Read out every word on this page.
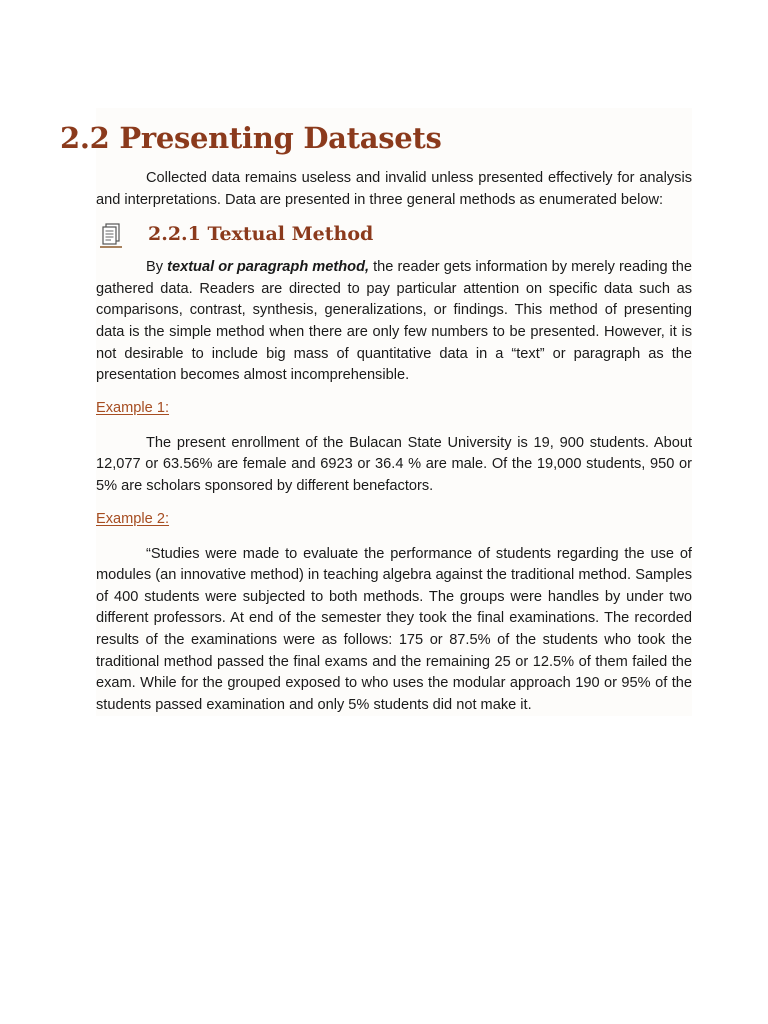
2.2 Presenting Datasets

Collected data remains useless and invalid unless presented effectively for analysis and interpretations. Data are presented in three general methods as enumerated below:

2.2.1 Textual Method

By textual or paragraph method, the reader gets information by merely reading the gathered data. Readers are directed to pay particular attention on specific data such as comparisons, contrast, synthesis, generalizations, or findings. This method of presenting data is the simple method when there are only few numbers to be presented. However, it is not desirable to include big mass of quantitative data in a “text” or paragraph as the presentation becomes almost incomprehensible.

Example 1:

The present enrollment of the Bulacan State University is 19, 900 students. About 12,077 or 63.56% are female and 6923 or 36.4 % are male. Of the 19,000 students, 950 or 5% are scholars sponsored by different benefactors.

Example 2:

“Studies were made to evaluate the performance of students regarding the use of modules (an innovative method) in teaching algebra against the traditional method. Samples of 400 students were subjected to both methods. The groups were handles by under two different professors. At end of the semester they took the final examinations. The recorded results of the examinations were as follows: 175 or 87.5% of the students who took the traditional method passed the final exams and the remaining 25 or 12.5% of them failed the exam. While for the grouped exposed to who uses the modular approach 190 or 95% of the students passed examination and only 5% students did not make it.
